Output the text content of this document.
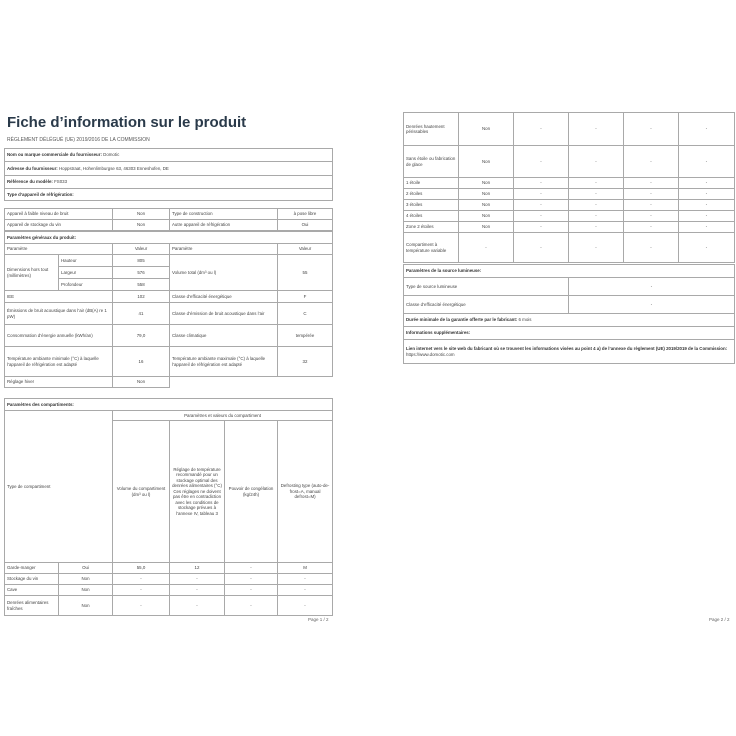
Fiche d’information sur le produit
RÈGLEMENT DÉLÉGUÉ (UE) 2019/2016 DE LA COMMISSION
Nom ou marque commerciale du fournisseur: Domotic
Adresse du fournisseur: Hoppstraat, Hohenlimburgse 63, 46303 Enneshofen, DE
Référence du modèle: FS033
Type d’appareil de réfrigération:
Appareil à faible niveau de bruit	Non	Type de construction	à pose libre
Appareil de stockage du vin	Non	Autre appareil de réfrigération	Oui
Paramètres généraux du produit:				
Paramètre		Valeur	Paramètre	Valeur
Dimensions hors tout (millimètres)	Hauteur	805	Volume total (dm³ ou l)	55
	Largeur	576		
	Profondeur	558		
IEE		102	Classe d’efficacité énergétique	F
Émissions de bruit acoustique dans l’air (dB(A) re 1 pW)		41	Classe d’émission de bruit acoustique dans l’air	C
Consommation d’énergie annuelle (kWh/an)		79,0	Classe climatique	tempérée
Température ambiante minimale (°C) à laquelle l’appareil de réfrigération est adapté		16	Température ambiante maximale (°C) à laquelle l’appareil de réfrigération est adapté	32
Réglage hiver		Non		
Paramètres des compartiments:					
Type de compartiment		Paramètres et valeurs du compartiment			
		Volume du compartiment (dm³ ou l)	Réglage de température recommandé pour un stockage optimal des denrées alimentaires (°C) Ces réglages ne doivent pas être en contradiction avec les conditions de stockage prévues à l’annexe IV, tableau 3	Pouvoir de congélation (kg/24h)	Defrosting type (auto-defrost=A, manual defrost=M)
Garde-manger	Oui	55,0	12	-	M
Stockage du vin	Non	-	-	-	-
Cave	Non	-	-	-	-
Denrées alimentaires fraîches	Non	-	-	-	-
Page 1 / 2
Denrées hautement périssables	Non	-	-	-	-
Sans étoile ou fabrication de glace	Non	-	-	-	-
1 étoile	Non	-	-	-	-
2 étoiles	Non	-	-	-	-
3 étoiles	Non	-	-	-	-
4 étoiles	Non	-	-	-	-
Zone 2 étoiles	Non	-	-	-	-
Compartiment à température variable	-	-	-	-	-
Paramètres de la source lumineuse:	
Type de source lumineuse	-
Classe d’efficacité énergétique	-
Durée minimale de la garantie offerte par le fabricant: 6 mois	
Informations supplémentaires:	
Lien internet vers le site web du fabricant où se trouvent les informations visées au point 4 a) de l’annexe du règlement (UE) 2019/2019 de la Commission: https://www.domotic.com	
Page 2 / 2
